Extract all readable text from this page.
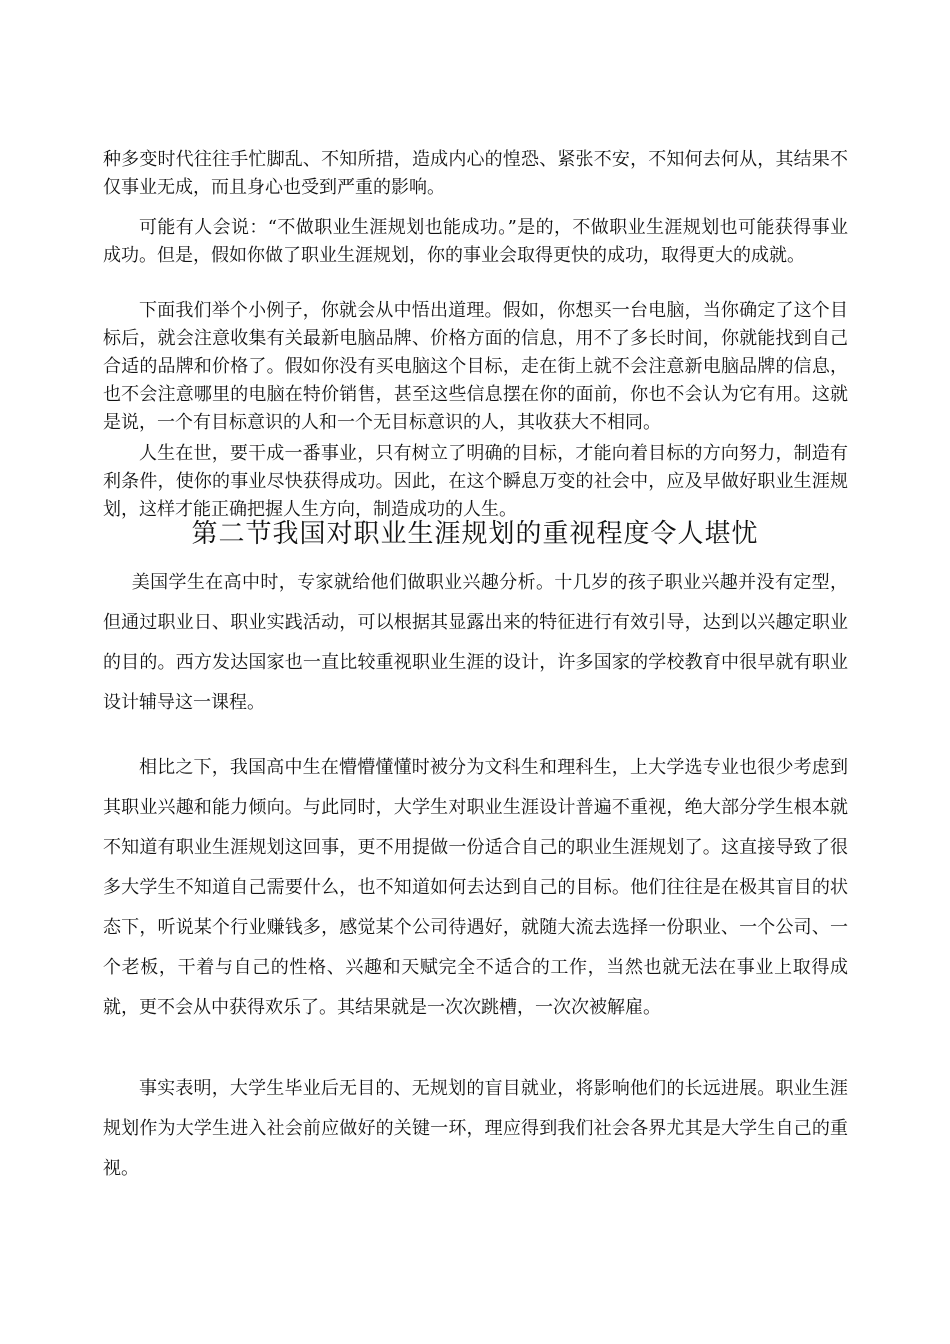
种多变时代往往手忙脚乱、不知所措，造成内心的惶恐、紧张不安，不知何去何从，其结果不仅事业无成，而且身心也受到严重的影响。

可能有人会说：“不做职业生涯规划也能成功。”是的，不做职业生涯规划也可能获得事业成功。但是，假如你做了职业生涯规划，你的事业会取得更快的成功，取得更大的成就。

下面我们举个小例子，你就会从中悟出道理。假如，你想买一台电脑，当你确定了这个目标后，就会注意收集有关最新电脑品牌、价格方面的信息，用不了多长时间，你就能找到自己合适的品牌和价格了。假如你没有买电脑这个目标，走在街上就不会注意新电脑品牌的信息，也不会注意哪里的电脑在特价销售，甚至这些信息摆在你的面前，你也不会认为它有用。这就是说，一个有目标意识的人和一个无目标意识的人，其收获大不相同。

人生在世，要干成一番事业，只有树立了明确的目标，才能向着目标的方向努力，制造有利条件，使你的事业尽快获得成功。因此，在这个瞬息万变的社会中，应及早做好职业生涯规划，这样才能正确把握人生方向，制造成功的人生。

第二节我国对职业生涯规划的重视程度令人堪忧

美国学生在高中时，专家就给他们做职业兴趣分析。十几岁的孩子职业兴趣并没有定型，但通过职业日、职业实践活动，可以根据其显露出来的特征进行有效引导，达到以兴趣定职业的目的。西方发达国家也一直比较重视职业生涯的设计，许多国家的学校教育中很早就有职业设计辅导这一课程。

相比之下，我国高中生在懵懵懂懂时被分为文科生和理科生，上大学选专业也很少考虑到其职业兴趣和能力倾向。与此同时，大学生对职业生涯设计普遍不重视，绝大部分学生根本就不知道有职业生涯规划这回事，更不用提做一份适合自己的职业生涯规划了。这直接导致了很多大学生不知道自己需要什么，也不知道如何去达到自己的目标。他们往往是在极其盲目的状态下，听说某个行业赚钱多，感觉某个公司待遇好，就随大流去选择一份职业、一个公司、一个老板，干着与自己的性格、兴趣和天赋完全不适合的工作，当然也就无法在事业上取得成就，更不会从中获得欢乐了。其结果就是一次次跳槽，一次次被解雇。

事实表明，大学生毕业后无目的、无规划的盲目就业，将影响他们的长远进展。职业生涯规划作为大学生进入社会前应做好的关键一环，理应得到我们社会各界尤其是大学生自己的重视。
